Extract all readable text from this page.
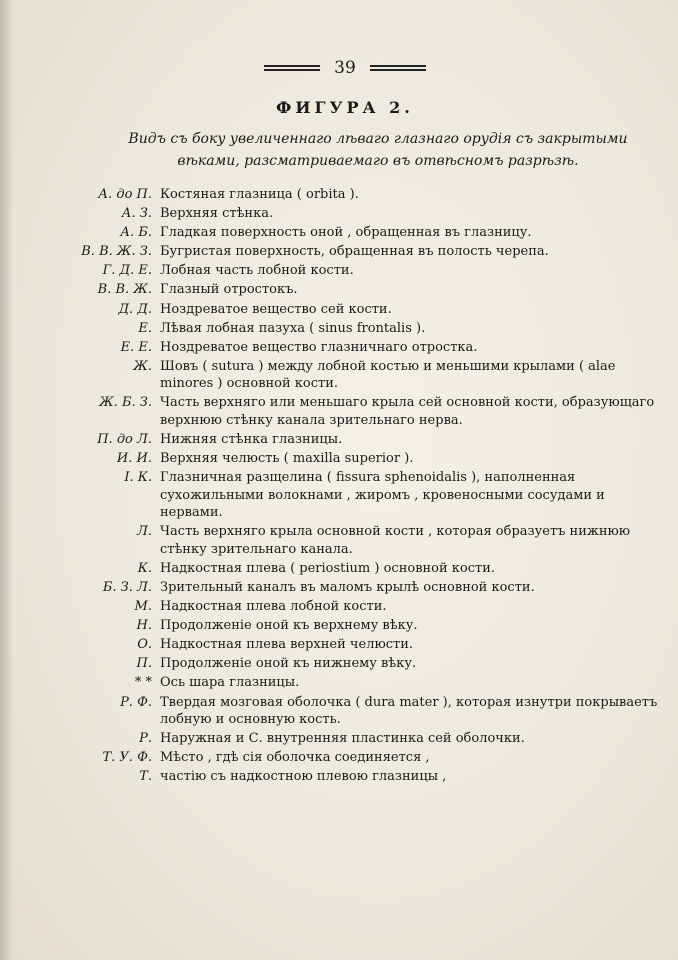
39
ФИГУРА 2.
Видъ съ боку увеличеннаго лѣваго глазнаго орудія съ закрытыми вѣками, разсматриваемаго въ отвѣсномъ разрѣзѣ.
А. до П. Костяная глазница ( orbita ).
А. З. Верхняя стѣнка.
А. Б. Гладкая поверхность оной , обращенная въ глазницу.
В. В. Ж. З. Бугристая поверхность, обращенная въ полость черепа.
Г. Д. Е. Лобная часть лобной кости.
В. В. Ж. Глазный отростокъ.
Д. Д. Ноздреватое вещество сей кости.
Е. Лѣвая лобная пазуха ( sinus frontalis ).
Е. Е. Ноздреватое вещество глазничнаго отростка.
Ж. Шовъ ( sutura ) между лобной костью и меньшими крылами ( alae minores ) основной кости.
Ж. Б. З. Часть верхняго или меньшаго крыла сей основной кости, образующаго верхнюю стѣнку канала зрительнаго нерва.
П. до Л. Нижняя стѣнка глазницы.
И. И. Верхняя челюсть ( maxilla superior ).
I. К. Глазничная разщелина ( fissura sphenoidalis ), наполненная сухожильными волокнами , жиромъ , кровеносными сосудами и нервами.
Л. Часть верхняго крыла основной кости , которая образуетъ нижнюю стѣнку зрительнаго канала.
К. Надкостная плева ( periostium ) основной кости.
Б. З. Л. Зрительный каналъ въ маломъ крылѣ основной кости.
М. Надкостная плева лобной кости.
Н. Продолженіе оной къ верхнему вѣку.
О. Надкостная плева верхней челюсти.
П. Продолженіе оной къ нижнему вѣку.
* * Ось шара глазницы.
Р. Ф. Твердая мозговая оболочка ( dura mater ), которая изнутри покрываетъ лобную и основную кость.
Р. Наружная и С. внутренняя пластинка сей оболочки.
Т. У. Ф. Мѣсто , гдѣ сія оболочка соединяется ,
Т. частію съ надкостною плевою глазницы ,
